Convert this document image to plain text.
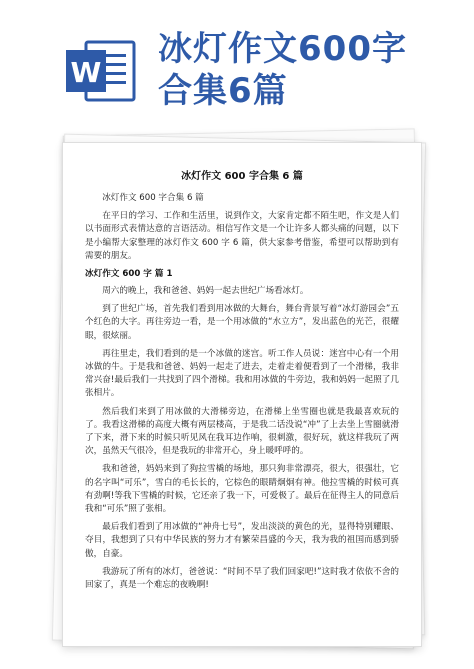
W
冰灯作文600字
合集6篇
冰灯作文 600 字合集 6 篇

冰灯作文 600 字合集 6 篇

在平日的学习、工作和生活里，说到作文，大家肯定都不陌生吧，作文是人们以书面形式表情达意的言语活动。相信写作文是一个让许多人都头痛的问题，以下是小编帮大家整理的冰灯作文 600 字 6 篇，供大家参考借鉴，希望可以帮助到有需要的朋友。

冰灯作文 600 字 篇 1

周六的晚上，我和爸爸、妈妈一起去世纪广场看冰灯。

到了世纪广场，首先我们看到用冰做的大舞台，舞台背景写着“冰灯游园会”五个红色的大字。再往旁边一看，是一个用冰做的“水立方”，发出蓝色的光芒，很耀眼，很炫丽。

再往里走，我们看到的是一个冰做的迷宫。听工作人员说：迷宫中心有一个用冰做的牛。于是我和爸爸、妈妈一起走了进去，走着走着便看到了一个滑梯，我非常兴奋!最后我们一共找到了四个滑梯。我和用冰做的牛旁边，我和妈妈一起照了几张相片。

然后我们来到了用冰做的大滑梯旁边，在滑梯上坐雪圈也就是我最喜欢玩的了。我看这滑梯的高度大概有两层楼高，于是我二话没说“冲”了上去坐上雪圈就滑了下来，滑下来的时候只听见风在我耳边作响，很刺激，很好玩，就这样我玩了两次，虽然天气很冷，但是我玩的非常开心，身上暖呼呼的。

我和爸爸，妈妈来到了狗拉雪橇的场地，那只狗非常漂亮，很大，很强壮，它的名字叫“可乐”，雪白的毛长长的，它棕色的眼睛炯炯有神。他拉雪橇的时候可真有劲啊!等我下雪橇的时候，它还亲了我一下，可爱极了。最后在征得主人的同意后我和“可乐”照了张相。

最后我们看到了用冰做的“神舟七号”，发出淡淡的黄色的光，显得特别耀眼、夺目，我想到了只有中华民族的努力才有繁荣昌盛的今天，我为我的祖国而感到骄傲，自豪。

我游玩了所有的冰灯，爸爸说：“时间不早了我们回家吧!”这时我才依依不舍的回家了，真是一个难忘的夜晚啊!
